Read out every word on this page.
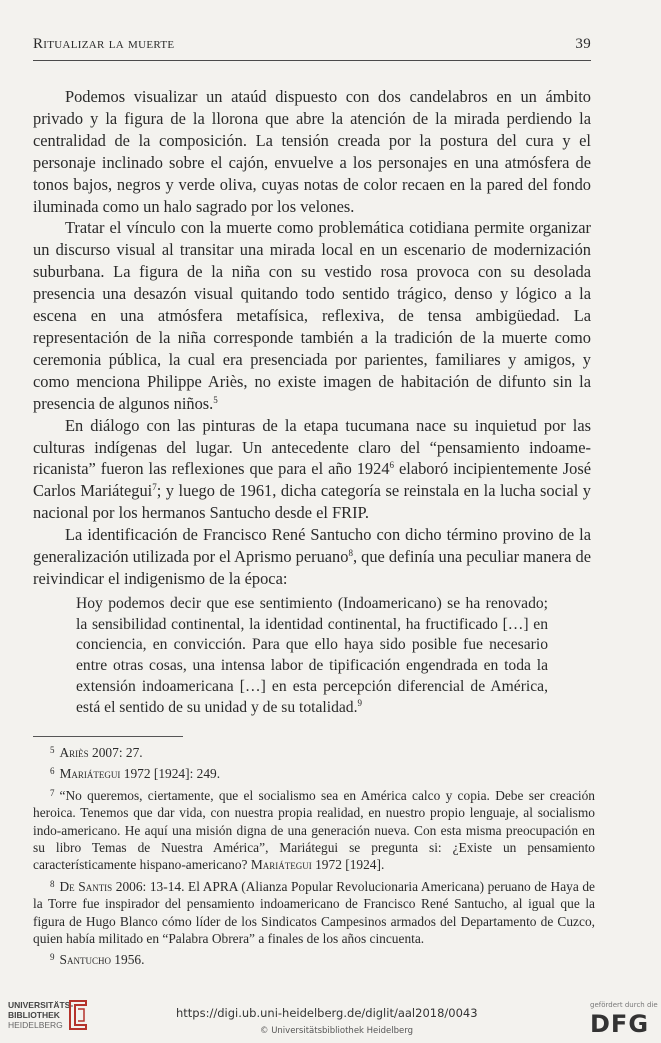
Ritualizar la muerte	39

Podemos visualizar un ataúd dispuesto con dos candelabros en un ámbito privado y la figura de la llorona que abre la atención de la mirada perdiendo la centralidad de la composición. La tensión creada por la postura del cura y el personaje inclinado sobre el cajón, envuelve a los personajes en una atmósfera de tonos bajos, negros y verde oliva, cuyas notas de color recaen en la pared del fondo iluminada como un halo sagrado por los velones.

Tratar el vínculo con la muerte como problemática cotidiana permite organizar un discurso visual al transitar una mirada local en un escenario de modernización suburbana. La figura de la niña con su vestido rosa provoca con su desolada presencia una desazón visual quitando todo sentido trágico, denso y lógico a la escena en una atmósfera metafísica, reflexiva, de tensa ambigüedad. La representación de la niña corresponde también a la tradición de la muerte como ceremonia pública, la cual era presenciada por parientes, familiares y amigos, y como menciona Philippe Ariès, no existe imagen de habitación de difunto sin la presencia de algunos niños.$^5$

En diálogo con las pinturas de la etapa tucumana nace su inquietud por las culturas indígenas del lugar. Un antecedente claro del “pensamiento indoamericanista” fueron las reflexiones que para el año 1924$^6$ elaboró incipientemente José Carlos Mariátegui$^7$; y luego de 1961, dicha categoría se reinstala en la lucha social y nacional por los hermanos Santucho desde el FRIP.

La identificación de Francisco René Santucho con dicho término provino de la generalización utilizada por el Aprismo peruano$^8$, que definía una peculiar manera de reivindicar el indigenismo de la época:

Hoy podemos decir que ese sentimiento (Indoamericano) se ha renovado; la sensibilidad continental, la identidad continental, ha fructificado […] en conciencia, en convicción. Para que ello haya sido posible fue necesario entre otras cosas, una intensa labor de tipificación engendrada en toda la extensión indoamericana […] en esta percepción diferencial de América, está el sentido de su unidad y de su totalidad.$^9$
$^5$ Ariès 2007: 27.
$^6$ Mariátegui 1972 [1924]: 249.
$^7$ “No queremos, ciertamente, que el socialismo sea en América calco y copia. Debe ser creación heroica. Tenemos que dar vida, con nuestra propia realidad, en nuestro propio lenguaje, al socialismo indo-americano. He aquí una misión digna de una generación nueva. Con esta misma preocupación en su libro Temas de Nuestra América”, Mariátegui se pregunta si: ¿Existe un pensamiento característicamente hispano-americano? Mariátegui 1972 [1924].
$^8$ De Santis 2006: 13-14. El APRA (Alianza Popular Revolucionaria Americana) peruano de Haya de la Torre fue inspirador del pensamiento indoamericano de Francisco René Santucho, al igual que la figura de Hugo Blanco cómo líder de los Sindicatos Campesinos armados del Departamento de Cuzco, quien había militado en “Palabra Obrera” a finales de los años cincuenta.
$^9$ Santucho 1956.
UNIVERSITÄTS-
BIBLIOTHEK
HEIDELBERG
https://digi.ub.uni-heidelberg.de/diglit/aal2018/0043
© Universitätsbibliothek Heidelberg
gefördert durch die
DFG
